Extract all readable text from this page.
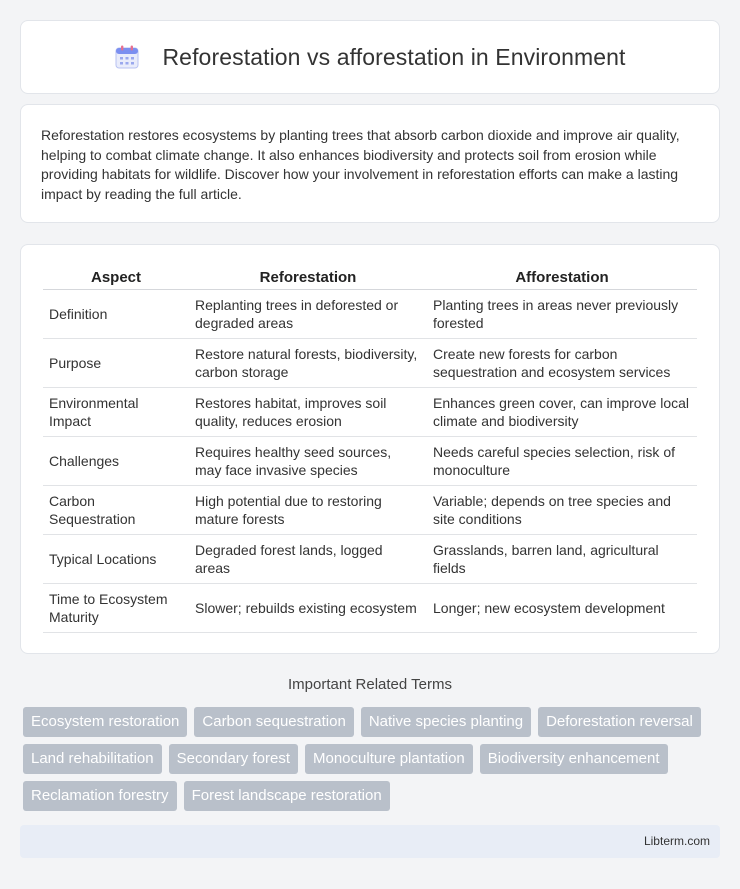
Reforestation vs afforestation in Environment

Reforestation restores ecosystems by planting trees that absorb carbon dioxide and improve air quality, helping to combat climate change. It also enhances biodiversity and protects soil from erosion while providing habitats for wildlife. Discover how your involvement in reforestation efforts can make a lasting impact by reading the full article.

Aspect	Reforestation	Afforestation
Definition	Replanting trees in deforested or degraded areas	Planting trees in areas never previously forested
Purpose	Restore natural forests, biodiversity, carbon storage	Create new forests for carbon sequestration and ecosystem services
Environmental Impact	Restores habitat, improves soil quality, reduces erosion	Enhances green cover, can improve local climate and biodiversity
Challenges	Requires healthy seed sources, may face invasive species	Needs careful species selection, risk of monoculture
Carbon Sequestration	High potential due to restoring mature forests	Variable; depends on tree species and site conditions
Typical Locations	Degraded forest lands, logged areas	Grasslands, barren land, agricultural fields
Time to Ecosystem Maturity	Slower; rebuilds existing ecosystem	Longer; new ecosystem development
Important Related Terms
Ecosystem restoration	Carbon sequestration	Native species planting	Deforestation reversal
Land rehabilitation	Secondary forest	Monoculture plantation	Biodiversity enhancement
Reclamation forestry	Forest landscape restoration
Libterm.com
